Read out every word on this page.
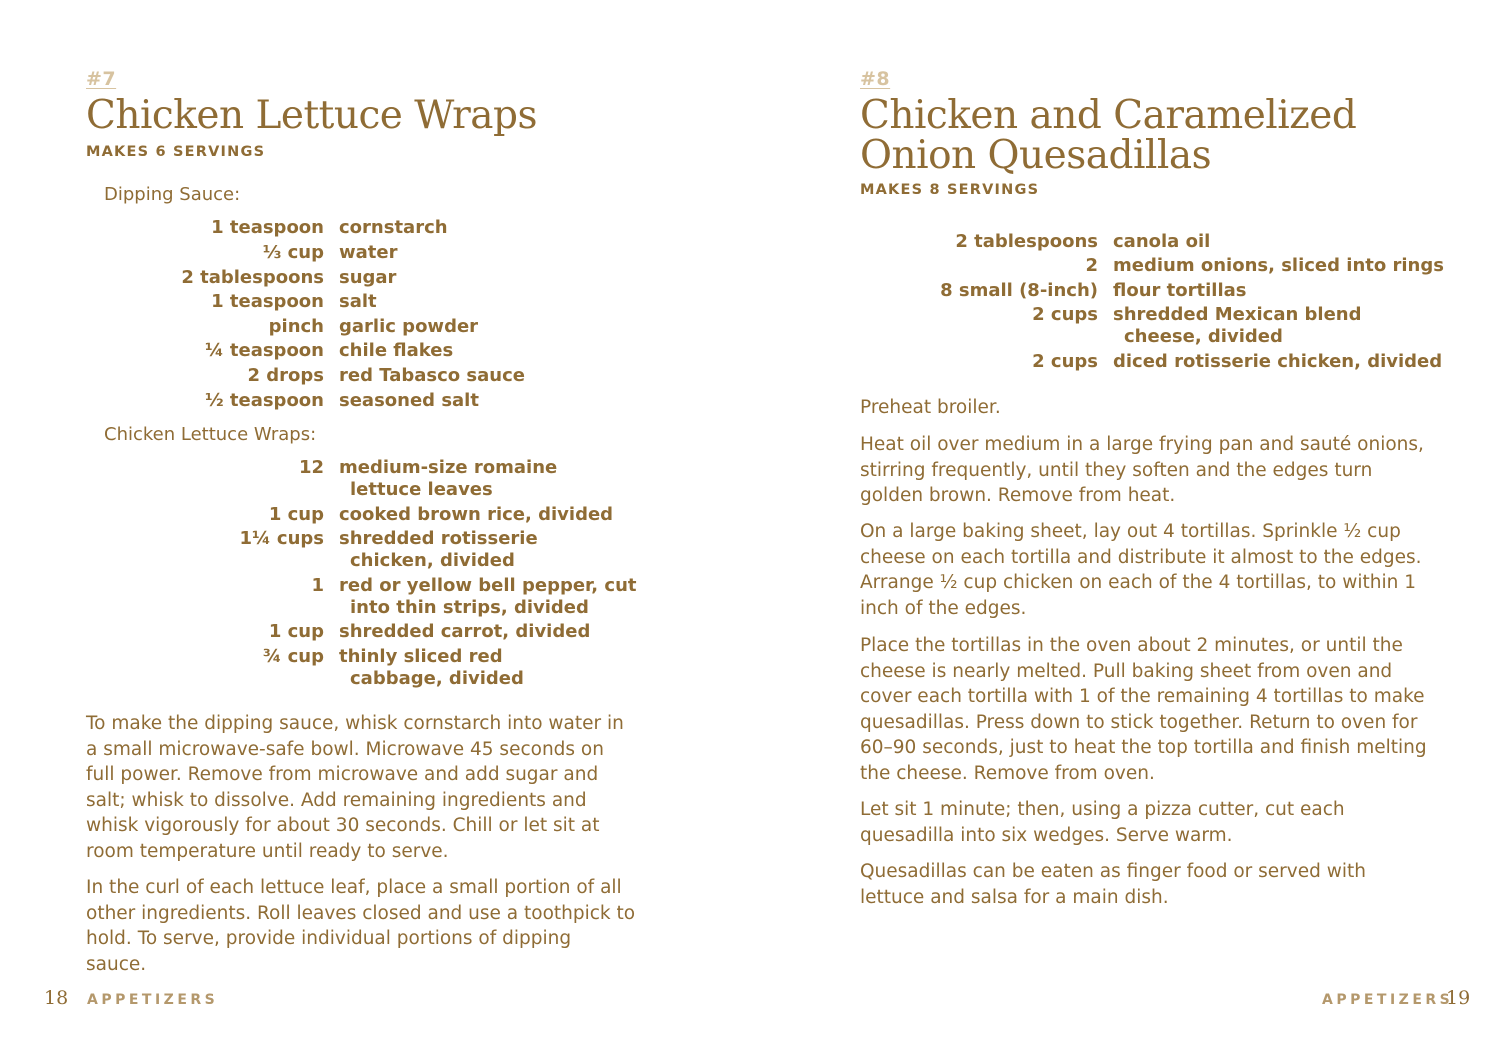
#7
Chicken Lettuce Wraps
MAKES 6 SERVINGS
Dipping Sauce:
1 teaspoon cornstarch
⅓ cup water
2 tablespoons sugar
1 teaspoon salt
pinch garlic powder
¼ teaspoon chile flakes
2 drops red Tabasco sauce
½ teaspoon seasoned salt
Chicken Lettuce Wraps:
12 medium-size romaine
lettuce leaves
1 cup cooked brown rice, divided
1¼ cups shredded rotisserie
chicken, divided
1 red or yellow bell pepper, cut
into thin strips, divided
1 cup shredded carrot, divided
¾ cup thinly sliced red
cabbage, divided

To make the dipping sauce, whisk cornstarch into water in a small microwave-safe bowl. Microwave 45 seconds on full power. Remove from microwave and add sugar and salt; whisk to dissolve. Add remaining ingredients and whisk vigorously for about 30 seconds. Chill or let sit at room temperature until ready to serve.

In the curl of each lettuce leaf, place a small portion of all other ingredients. Roll leaves closed and use a toothpick to hold. To serve, provide individual portions of dipping sauce.

18 APPETIZERS
#8
Chicken and Caramelized
Onion Quesadillas
MAKES 8 SERVINGS
2 tablespoons canola oil
2 medium onions, sliced into rings
8 small (8-inch) flour tortillas
2 cups shredded Mexican blend
cheese, divided
2 cups diced rotisserie chicken, divided

Preheat broiler.

Heat oil over medium in a large frying pan and sauté onions, stirring frequently, until they soften and the edges turn golden brown. Remove from heat.

On a large baking sheet, lay out 4 tortillas. Sprinkle ½ cup cheese on each tortilla and distribute it almost to the edges. Arrange ½ cup chicken on each of the 4 tortillas, to within 1 inch of the edges.

Place the tortillas in the oven about 2 minutes, or until the cheese is nearly melted. Pull baking sheet from oven and cover each tortilla with 1 of the remaining 4 tortillas to make quesadillas. Press down to stick together. Return to oven for 60–90 seconds, just to heat the top tortilla and finish melting the cheese. Remove from oven.

Let sit 1 minute; then, using a pizza cutter, cut each quesadilla into six wedges. Serve warm.

Quesadillas can be eaten as finger food or served with lettuce and salsa for a main dish.

APPETIZERS
19
